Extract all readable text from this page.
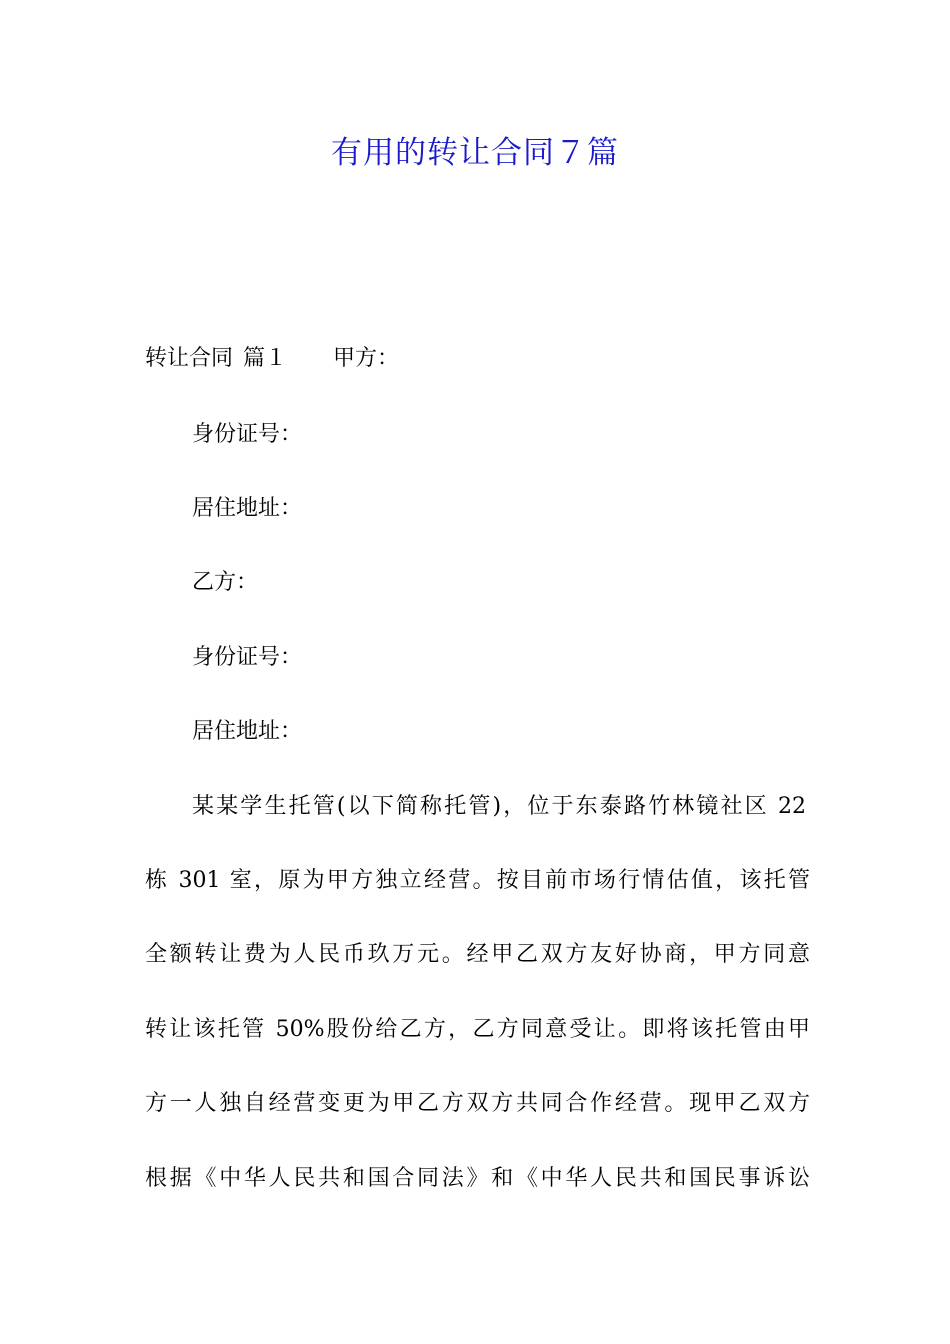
有用的转让合同７篇
转让合同 篇１ 甲方：
身份证号：
居住地址：
乙方：
身份证号：
居住地址：
某某学生托管(以下简称托管)，位于东泰路竹林镜社区 22
栋 301 室，原为甲方独立经营。按目前市场行情估值，该托管
全额转让费为人民币玖万元。经甲乙双方友好协商，甲方同意
转让该托管 50%股份给乙方，乙方同意受让。即将该托管由甲
方一人独自经营变更为甲乙方双方共同合作经营。现甲乙双方
根据《中华人民共和国合同法》和《中华人民共和国民事诉讼
